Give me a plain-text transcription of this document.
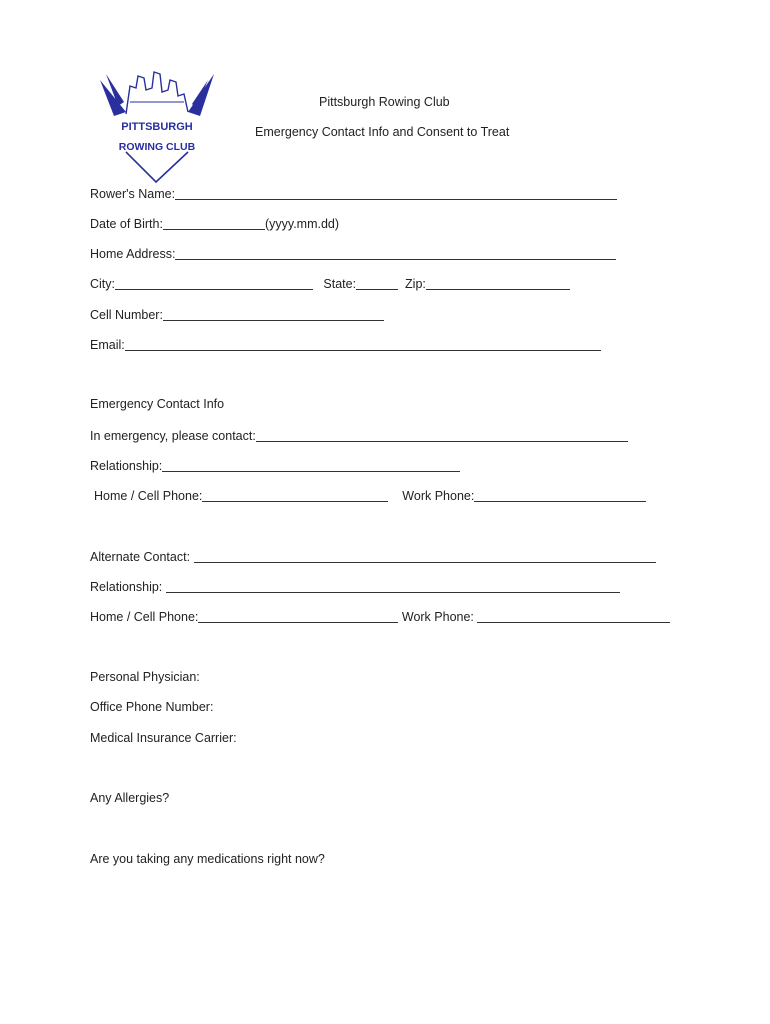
PITTSBURGH
ROWING CLUB
Pittsburgh Rowing Club
Emergency Contact Info and Consent to Treat
Rower's Name:
Date of Birth:	(yyyy.mm.dd)
Home Address:
City:	State:	Zip:
Cell Number:
Email:
Emergency Contact Info
In emergency, please contact:
Relationship:
Home / Cell Phone:	Work Phone:
Alternate Contact:
Relationship:
Home / Cell Phone:	Work Phone:
Personal Physician:
Office Phone Number:
Medical Insurance Carrier:
Any Allergies?
Are you taking any medications right now?
